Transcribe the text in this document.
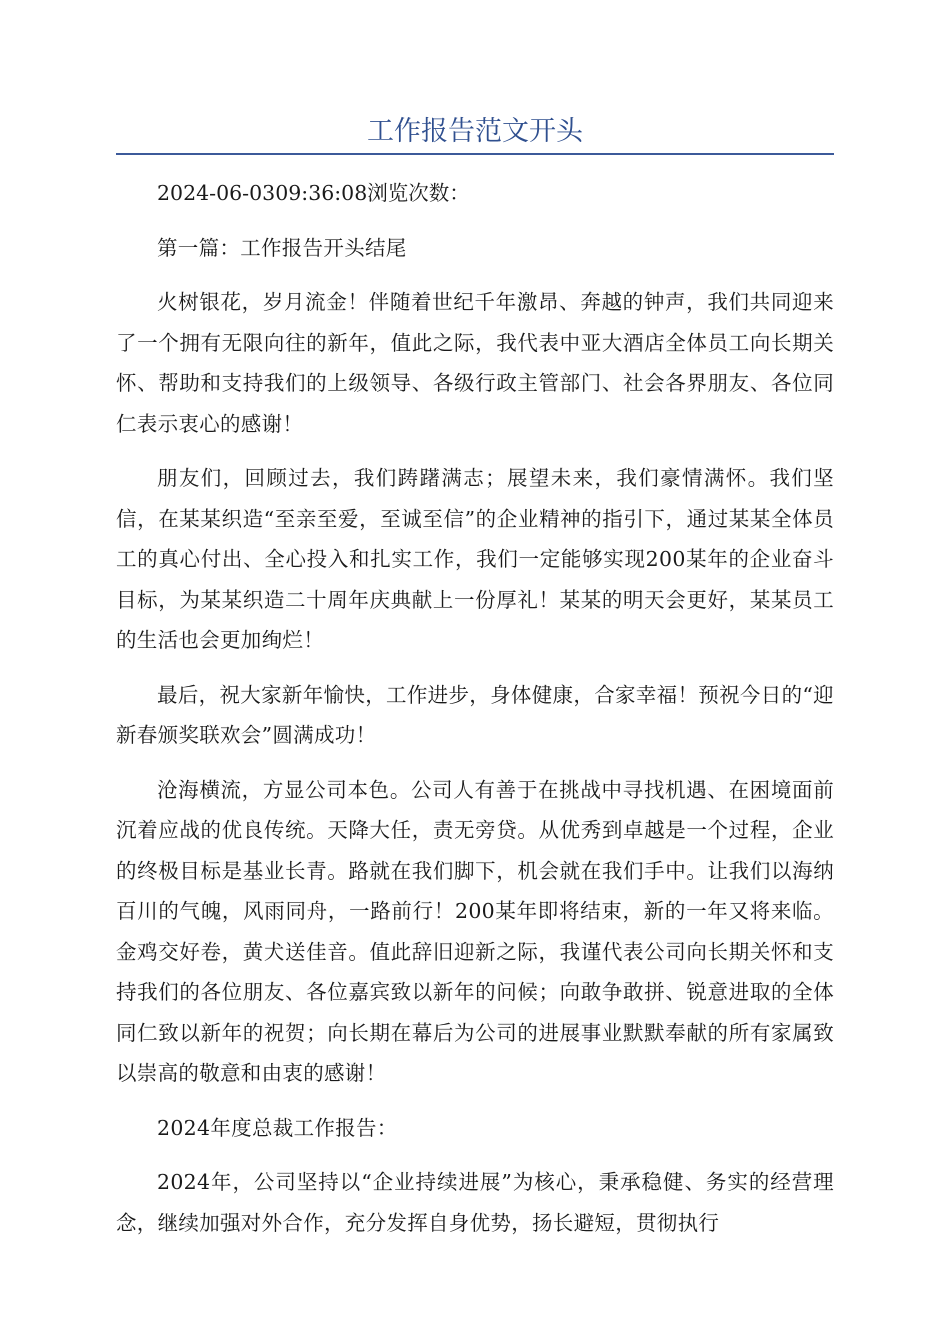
工作报告范文开头

2024-06-0309:36:08浏览次数：

第一篇：工作报告开头结尾

火树银花，岁月流金！伴随着世纪千年激昂、奔越的钟声，我们共同迎来了一个拥有无限向往的新年，值此之际，我代表中亚大酒店全体员工向长期关怀、帮助和支持我们的上级领导、各级行政主管部门、社会各界朋友、各位同仁表示衷心的感谢！

朋友们，回顾过去，我们踌躇满志；展望未来，我们豪情满怀。我们坚信，在某某织造“至亲至爱，至诚至信”的企业精神的指引下，通过某某全体员工的真心付出、全心投入和扎实工作，我们一定能够实现200某年的企业奋斗目标，为某某织造二十周年庆典献上一份厚礼！某某的明天会更好，某某员工的生活也会更加绚烂！

最后，祝大家新年愉快，工作进步，身体健康，合家幸福！预祝今日的“迎新春颁奖联欢会”圆满成功！

沧海横流，方显公司本色。公司人有善于在挑战中寻找机遇、在困境面前沉着应战的优良传统。天降大任，责无旁贷。从优秀到卓越是一个过程，企业的终极目标是基业长青。路就在我们脚下，机会就在我们手中。让我们以海纳百川的气魄，风雨同舟，一路前行！200某年即将结束，新的一年又将来临。金鸡交好卷，黄犬送佳音。值此辞旧迎新之际，我谨代表公司向长期关怀和支持我们的各位朋友、各位嘉宾致以新年的问候；向敢争敢拼、锐意进取的全体同仁致以新年的祝贺；向长期在幕后为公司的进展事业默默奉献的所有家属致以崇高的敬意和由衷的感谢！

2024年度总裁工作报告：

2024年，公司坚持以“企业持续进展”为核心，秉承稳健、务实的经营理念，继续加强对外合作，充分发挥自身优势，扬长避短，贯彻执行
